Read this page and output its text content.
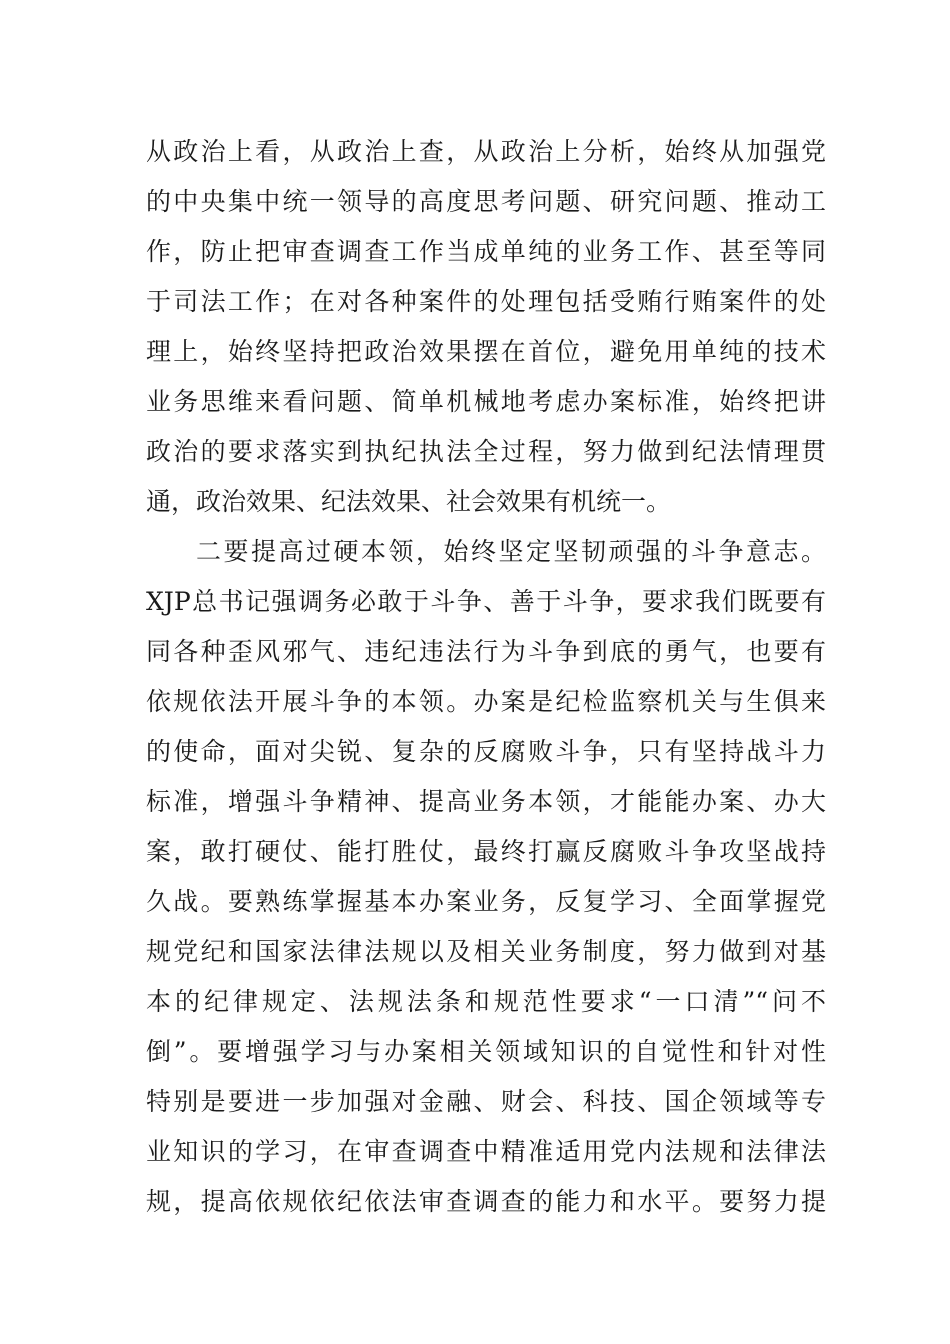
从政治上看，从政治上查，从政治上分析，始终从加强党
的中央集中统一领导的高度思考问题、研究问题、推动工
作，防止把审查调查工作当成单纯的业务工作、甚至等同
于司法工作；在对各种案件的处理包括受贿行贿案件的处
理上，始终坚持把政治效果摆在首位，避免用单纯的技术
业务思维来看问题、简单机械地考虑办案标准，始终把讲
政治的要求落实到执纪执法全过程，努力做到纪法情理贯
通，政治效果、纪法效果、社会效果有机统一。
二要提高过硬本领，始终坚定坚韧顽强的斗争意志。
XJP总书记强调务必敢于斗争、善于斗争，要求我们既要有
同各种歪风邪气、违纪违法行为斗争到底的勇气，也要有
依规依法开展斗争的本领。办案是纪检监察机关与生俱来
的使命，面对尖锐、复杂的反腐败斗争，只有坚持战斗力
标准，增强斗争精神、提高业务本领，才能能办案、办大
案，敢打硬仗、能打胜仗，最终打赢反腐败斗争攻坚战持
久战。要熟练掌握基本办案业务，反复学习、全面掌握党
规党纪和国家法律法规以及相关业务制度，努力做到对基
本的纪律规定、法规法条和规范性要求“一口清”“问不
倒”。要增强学习与办案相关领域知识的自觉性和针对性
特别是要进一步加强对金融、财会、科技、国企领域等专
业知识的学习，在审查调查中精准适用党内法规和法律法
规，提高依规依纪依法审查调查的能力和水平。要努力提
